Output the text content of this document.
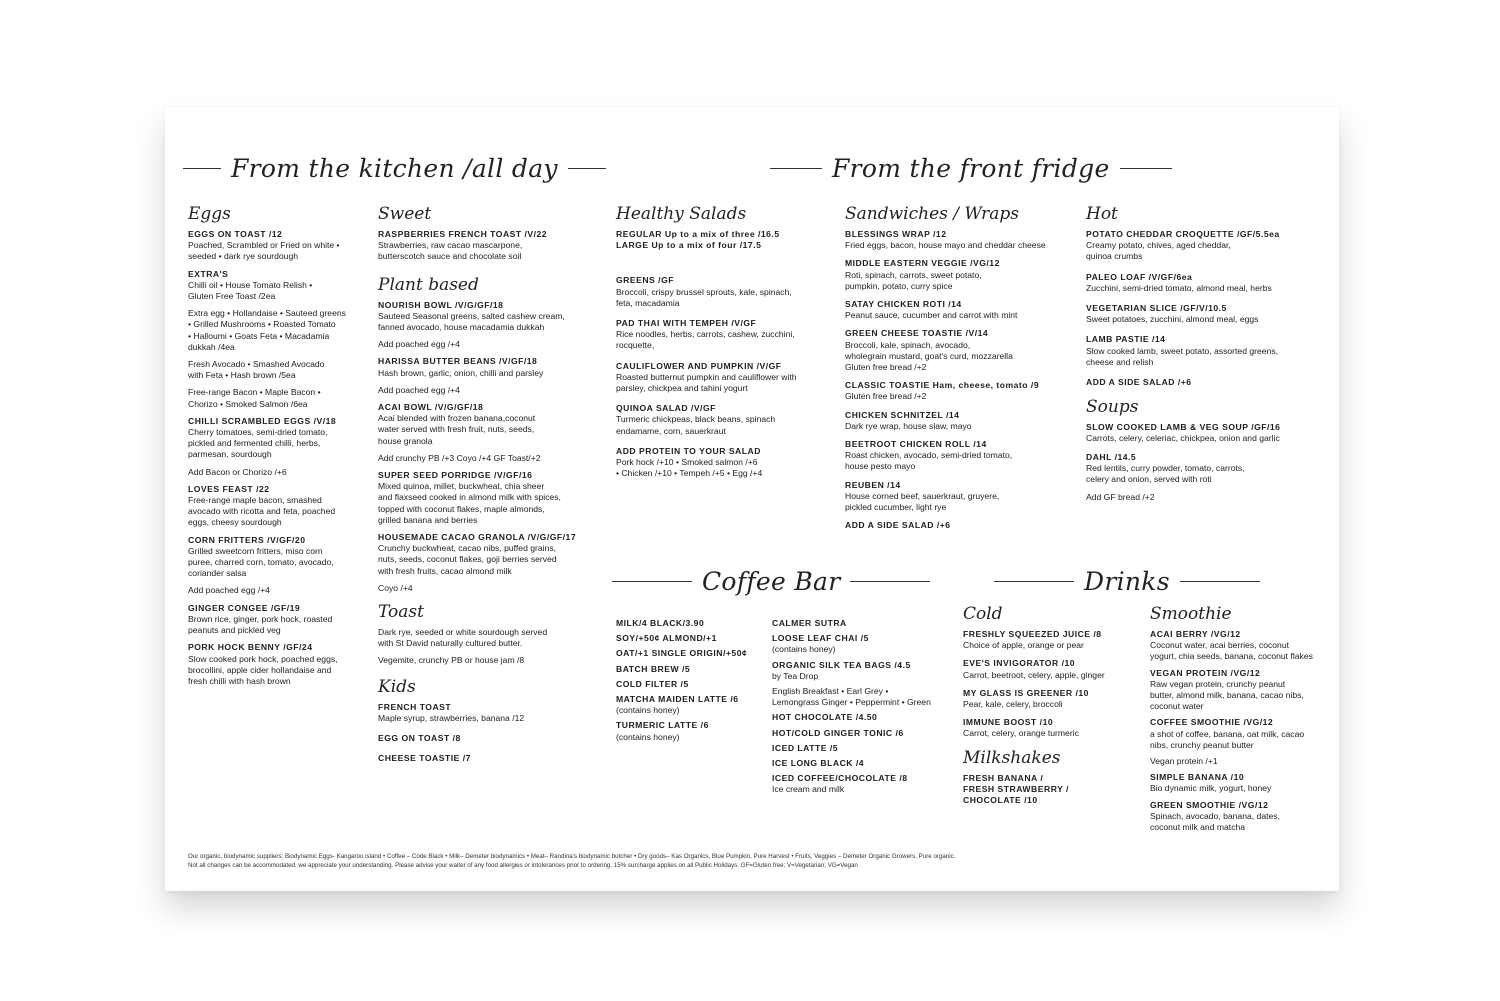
From the kitchen /all day	From the front fridge
Coffee Bar	Drinks
Eggs
EGGS ON TOAST /12
Poached, Scrambled or Fried on white •
seeded • dark rye sourdough
EXTRA'S
Chilli oil • House Tomato Relish •
Gluten Free Toast /2ea
Extra egg • Hollandaise • Sauteed greens
• Grilled Mushrooms • Roasted Tomato
• Halloumi • Goats Feta • Macadamia
dukkah /4ea
Fresh Avocado • Smashed Avocado
with Feta • Hash brown /5ea
Free-range Bacon • Maple Bacon •
Chorizo • Smoked Salmon /6ea
CHILLI SCRAMBLED EGGS /V/18
Cherry tomatoes, semi-dried tomato,
pickled and fermented chilli, herbs,
parmesan, sourdough
Add Bacon or Chorizo /+6
LOVES FEAST /22
Free-range maple bacon, smashed
avocado with ricotta and feta, poached
eggs, cheesy sourdough
CORN FRITTERS /V/GF/20
Grilled sweetcorn fritters, miso corn
puree, charred corn, tomato, avocado,
coriander salsa
Add poached egg /+4
GINGER CONGEE /GF/19
Brown rice, ginger, pork hock, roasted
peanuts and pickled veg
PORK HOCK BENNY /GF/24
Slow cooked pork hock, poached eggs,
brocollini, apple cider hollandaise and
fresh chilli with hash brown
Sweet
RASPBERRIES FRENCH TOAST /V/22
Strawberries, raw cacao mascarpone,
butterscotch sauce and chocolate soil
Plant based
NOURISH BOWL /V/G/GF/18
Sauteed Seasonal greens, salted cashew cream,
fanned avocado, house macadamia dukkah
Add poached egg /+4
HARISSA BUTTER BEANS /V/GF/18
Hash brown, garlic, onion, chilli and parsley
Add poached egg /+4
ACAI BOWL /V/G/GF/18
Acai blended with frozen banana,coconut
water served with fresh fruit, nuts, seeds,
house granola
Add crunchy PB /+3 Coyo /+4 GF Toast/+2
SUPER SEED PORRIDGE /V/GF/16
Mixed quinoa, millet, buckwheat, chia sheer
and flaxseed cooked in almond milk with spices,
topped with coconut flakes, maple almonds,
grilled banana and berries
HOUSEMADE CACAO GRANOLA /V/G/GF/17
Crunchy buckwheat, cacao nibs, puffed grains,
nuts, seeds, coconut flakes, goji berries served
with fresh fruits, cacao almond milk
Coyo /+4
Toast
Dark rye, seeded or white sourdough served
with St David naturally cultured butter.
Vegemite, crunchy PB or house jam /8
Kids
FRENCH TOAST
Maple syrup, strawberries, banana /12
EGG ON TOAST /8
CHEESE TOASTIE /7
Healthy Salads
REGULAR Up to a mix of three /16.5
LARGE Up to a mix of four /17.5
GREENS /GF
Broccoli, crispy brussel sprouts, kale, spinach,
feta, macadamia
PAD THAI WITH TEMPEH /V/GF
Rice noodles, herbs, carrots, cashew, zucchini,
rocquette,
CAULIFLOWER AND PUMPKIN /V/GF
Roasted butternut pumpkin and cauliflower with
parsley, chickpea and tahini yogurt
QUINOA SALAD /V/GF
Turmeric chickpeas, black beans, spinach
endamame, corn, sauerkraut
ADD PROTEIN TO YOUR SALAD
Pork hock /+10 • Smoked salmon /+6
• Chicken /+10 • Tempeh /+5 • Egg /+4
Sandwiches / Wraps
BLESSINGS WRAP /12
Fried eggs, bacon, house mayo and cheddar cheese
MIDDLE EASTERN VEGGIE /VG/12
Roti, spinach, carrots, sweet potato,
pumpkin, potato, curry spice
SATAY CHICKEN ROTI /14
Peanut sauce, cucumber and carrot with mint
GREEN CHEESE TOASTIE /V/14
Broccoli, kale, spinach, avocado,
wholegrain mustard, goat's curd, mozzarella
Gluten free bread /+2
CLASSIC TOASTIE Ham, cheese, tomato /9
Gluten free bread /+2
CHICKEN SCHNITZEL /14
Dark rye wrap, house slaw, mayo
BEETROOT CHICKEN ROLL /14
Roast chicken, avocado, semi-dried tomato,
house pesto mayo
REUBEN /14
House corned beef, sauerkraut, gruyere,
pickled cucumber, light rye
ADD A SIDE SALAD /+6
Hot
POTATO CHEDDAR CROQUETTE /GF/5.5ea
Creamy potato, chives, aged cheddar,
quinoa crumbs
PALEO LOAF /V/GF/6ea
Zucchini, semi-dried tomato, almond meal, herbs
VEGETARIAN SLICE /GF/V/10.5
Sweet potatoes, zucchini, almond meal, eggs
LAMB PASTIE /14
Slow cooked lamb, sweet potato, assorted greens,
cheese and relish
ADD A SIDE SALAD /+6
Soups
SLOW COOKED LAMB & VEG SOUP /GF/16
Carrots, celery, celeriac, chickpea, onion and garlic
DAHL /14.5
Red lentils, curry powder, tomato, carrots,
celery and onion, served with roti
Add GF bread /+2
MILK/4 BLACK/3.90
SOY/+50¢ ALMOND/+1
OAT/+1 SINGLE ORIGIN/+50¢
BATCH BREW /5
COLD FILTER /5
MATCHA MAIDEN LATTE /6
(contains honey)
TURMERIC LATTE /6
(contains honey)
CALMER SUTRA
LOOSE LEAF CHAI /5
(contains honey)
ORGANIC SILK TEA BAGS /4.5
by Tea Drop
English Breakfast • Earl Grey •
Lemongrass Ginger • Peppermint • Green
HOT CHOCOLATE /4.50
HOT/COLD GINGER TONIC /6
ICED LATTE /5
ICE LONG BLACK /4
ICED COFFEE/CHOCOLATE /8
Ice cream and milk
Cold
FRESHLY SQUEEZED JUICE /8
Choice of apple, orange or pear
EVE'S INVIGORATOR /10
Carrot, beetroot, celery, apple, ginger
MY GLASS IS GREENER /10
Pear, kale, celery, broccoli
IMMUNE BOOST /10
Carrot, celery, orange turmeric
Milkshakes
FRESH BANANA /
FRESH STRAWBERRY /
CHOCOLATE /10
Smoothie
ACAI BERRY /VG/12
Coconut water, acai berries, coconut
yogurt, chia seeds, banana, coconut flakes
VEGAN PROTEIN /VG/12
Raw vegan protein, crunchy peanut
butter, almond milk, banana, cacao nibs,
coconut water
COFFEE SMOOTHIE /VG/12
a shot of coffee, banana, oat milk, cacao
nibs, crunchy peanut butter
Vegan protein /+1
SIMPLE BANANA /10
Bio dynamic milk, yogurt, honey
GREEN SMOOTHIE /VG/12
Spinach, avocado, banana, dates,
coconut milk and matcha
Our organic, biodynamic suppliers: Biodynamic Eggs- Kangaroo island • Coffee – Code Black • Milk– Demeter biodynamics • Meat– Randina's biodynamic butcher • Dry goods– Kas Organics, Blue Pumpkin, Pure Harvest • Fruits, Veggies – Demeter Organic Growers, Pure organic.
Not all changes can be accommodated, we appreciate your understanding. Please advise your waiter of any food allergies or intolerances prior to ordering. 15% surcharge applies on all Public Holidays. GF=Gluten free; V=Vegetarian; VG=Vegan
